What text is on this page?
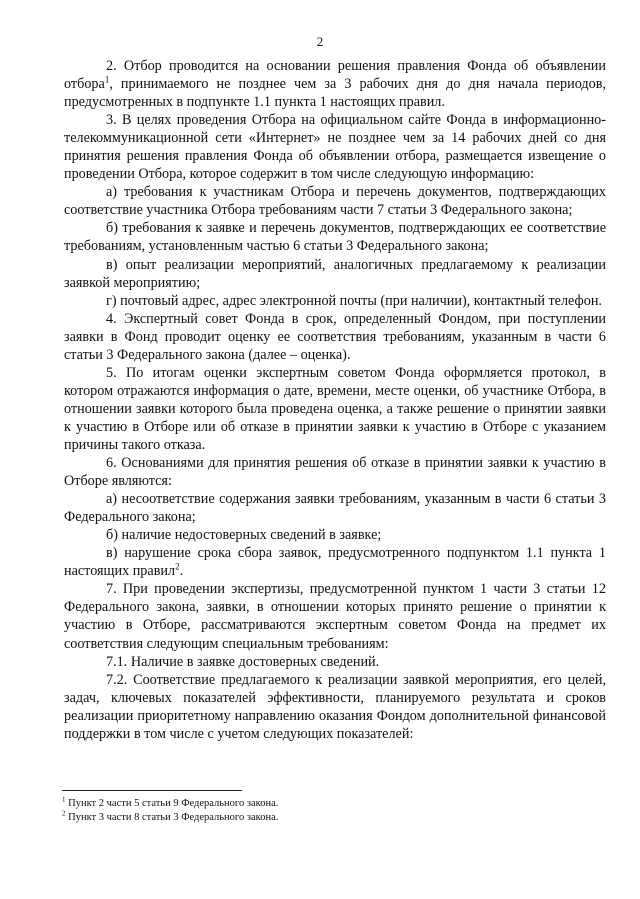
2

2. Отбор проводится на основании решения правления Фонда об объявлении отбора$^1$, принимаемого не позднее чем за 3 рабочих дня до дня начала периодов, предусмотренных в подпункте 1.1 пункта 1 настоящих правил.

3. В целях проведения Отбора на официальном сайте Фонда в информационно-телекоммуникационной сети «Интернет» не позднее чем за 14 рабочих дней со дня принятия решения правления Фонда об объявлении отбора, размещается извещение о проведении Отбора, которое содержит в том числе следующую информацию:

а) требования к участникам Отбора и перечень документов, подтверждающих соответствие участника Отбора требованиям части 7 статьи 3 Федерального закона;

б) требования к заявке и перечень документов, подтверждающих ее соответствие требованиям, установленным частью 6 статьи 3 Федерального закона;

в) опыт реализации мероприятий, аналогичных предлагаемому к реализации заявкой мероприятию;

г) почтовый адрес, адрес электронной почты (при наличии), контактный телефон.

4. Экспертный совет Фонда в срок, определенный Фондом, при поступлении заявки в Фонд проводит оценку ее соответствия требованиям, указанным в части 6 статьи 3 Федерального закона (далее – оценка).

5. По итогам оценки экспертным советом Фонда оформляется протокол, в котором отражаются информация о дате, времени, месте оценки, об участнике Отбора, в отношении заявки которого была проведена оценка, а также решение о принятии заявки к участию в Отборе или об отказе в принятии заявки к участию в Отборе с указанием причины такого отказа.

6. Основаниями для принятия решения об отказе в принятии заявки к участию в Отборе являются:

а) несоответствие содержания заявки требованиям, указанным в части 6 статьи 3 Федерального закона;

б) наличие недостоверных сведений в заявке;

в) нарушение срока сбора заявок, предусмотренного подпунктом 1.1 пункта 1 настоящих правил$^2$.

7. При проведении экспертизы, предусмотренной пунктом 1 части 3 статьи 12 Федерального закона, заявки, в отношении которых принято решение о принятии к участию в Отборе, рассматриваются экспертным советом Фонда на предмет их соответствия следующим специальным требованиям:

7.1. Наличие в заявке достоверных сведений.

7.2. Соответствие предлагаемого к реализации заявкой мероприятия, его целей, задач, ключевых показателей эффективности, планируемого результата и сроков реализации приоритетному направлению оказания Фондом дополнительной финансовой поддержки в том числе с учетом следующих показателей:

$^1$ Пункт 2 части 5 статьи 9 Федерального закона.
$^2$ Пункт 3 части 8 статьи 3 Федерального закона.
